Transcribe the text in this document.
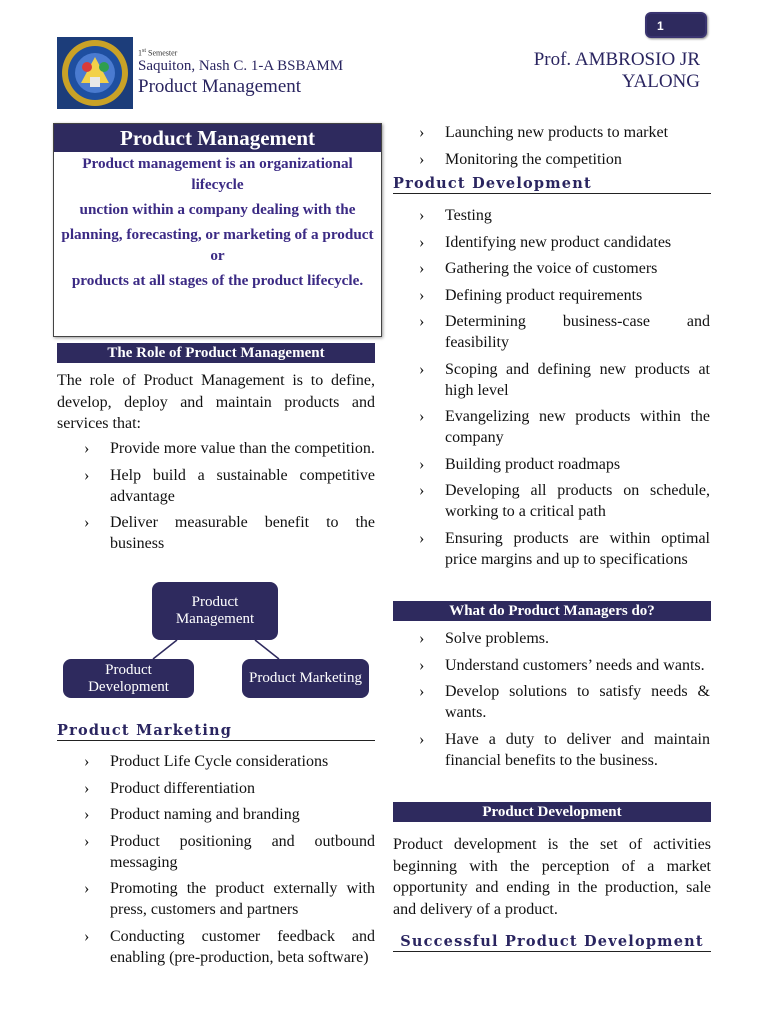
1
1st Semester
Saquiton, Nash C. 1-A BSBAMM
Product Management
Prof. AMBROSIO JR
YALONG
Product Management

Product management is an organizational lifecycle

unction within a company dealing with the

planning, forecasting, or marketing of a product or

products at all stages of the product lifecycle.

The Role of Product Management
The role of Product Management is to define, develop, deploy and maintain products and services that:
›	Provide more value than the competition.
›	Help build a sustainable competitive advantage
›	Deliver measurable benefit to the business
Product Management
Product Development
Product Marketing
Product Marketing
›	Product Life Cycle considerations
›	Product differentiation
›	Product naming and branding
›	Product positioning and outbound messaging
›	Promoting the product externally with press, customers and partners
›	Conducting customer feedback and enabling (pre-production, beta software)
›	Launching new products to market
›	Monitoring the competition
Product Development
›	Testing
›	Identifying new product candidates
›	Gathering the voice of customers
›	Defining product requirements
›	Determining business-case and feasibility
›	Scoping and defining new products at high level
›	Evangelizing new products within the company
›	Building product roadmaps
›	Developing all products on schedule, working to a critical path
›	Ensuring products are within optimal price margins and up to specifications
What do Product Managers do?
›	Solve problems.
›	Understand customers’ needs and wants.
›	Develop solutions to satisfy needs & wants.
›	Have a duty to deliver and maintain financial benefits to the business.
Product Development
Product development is the set of activities beginning with the perception of a market opportunity and ending in the production, sale and delivery of a product.
Successful Product Development
